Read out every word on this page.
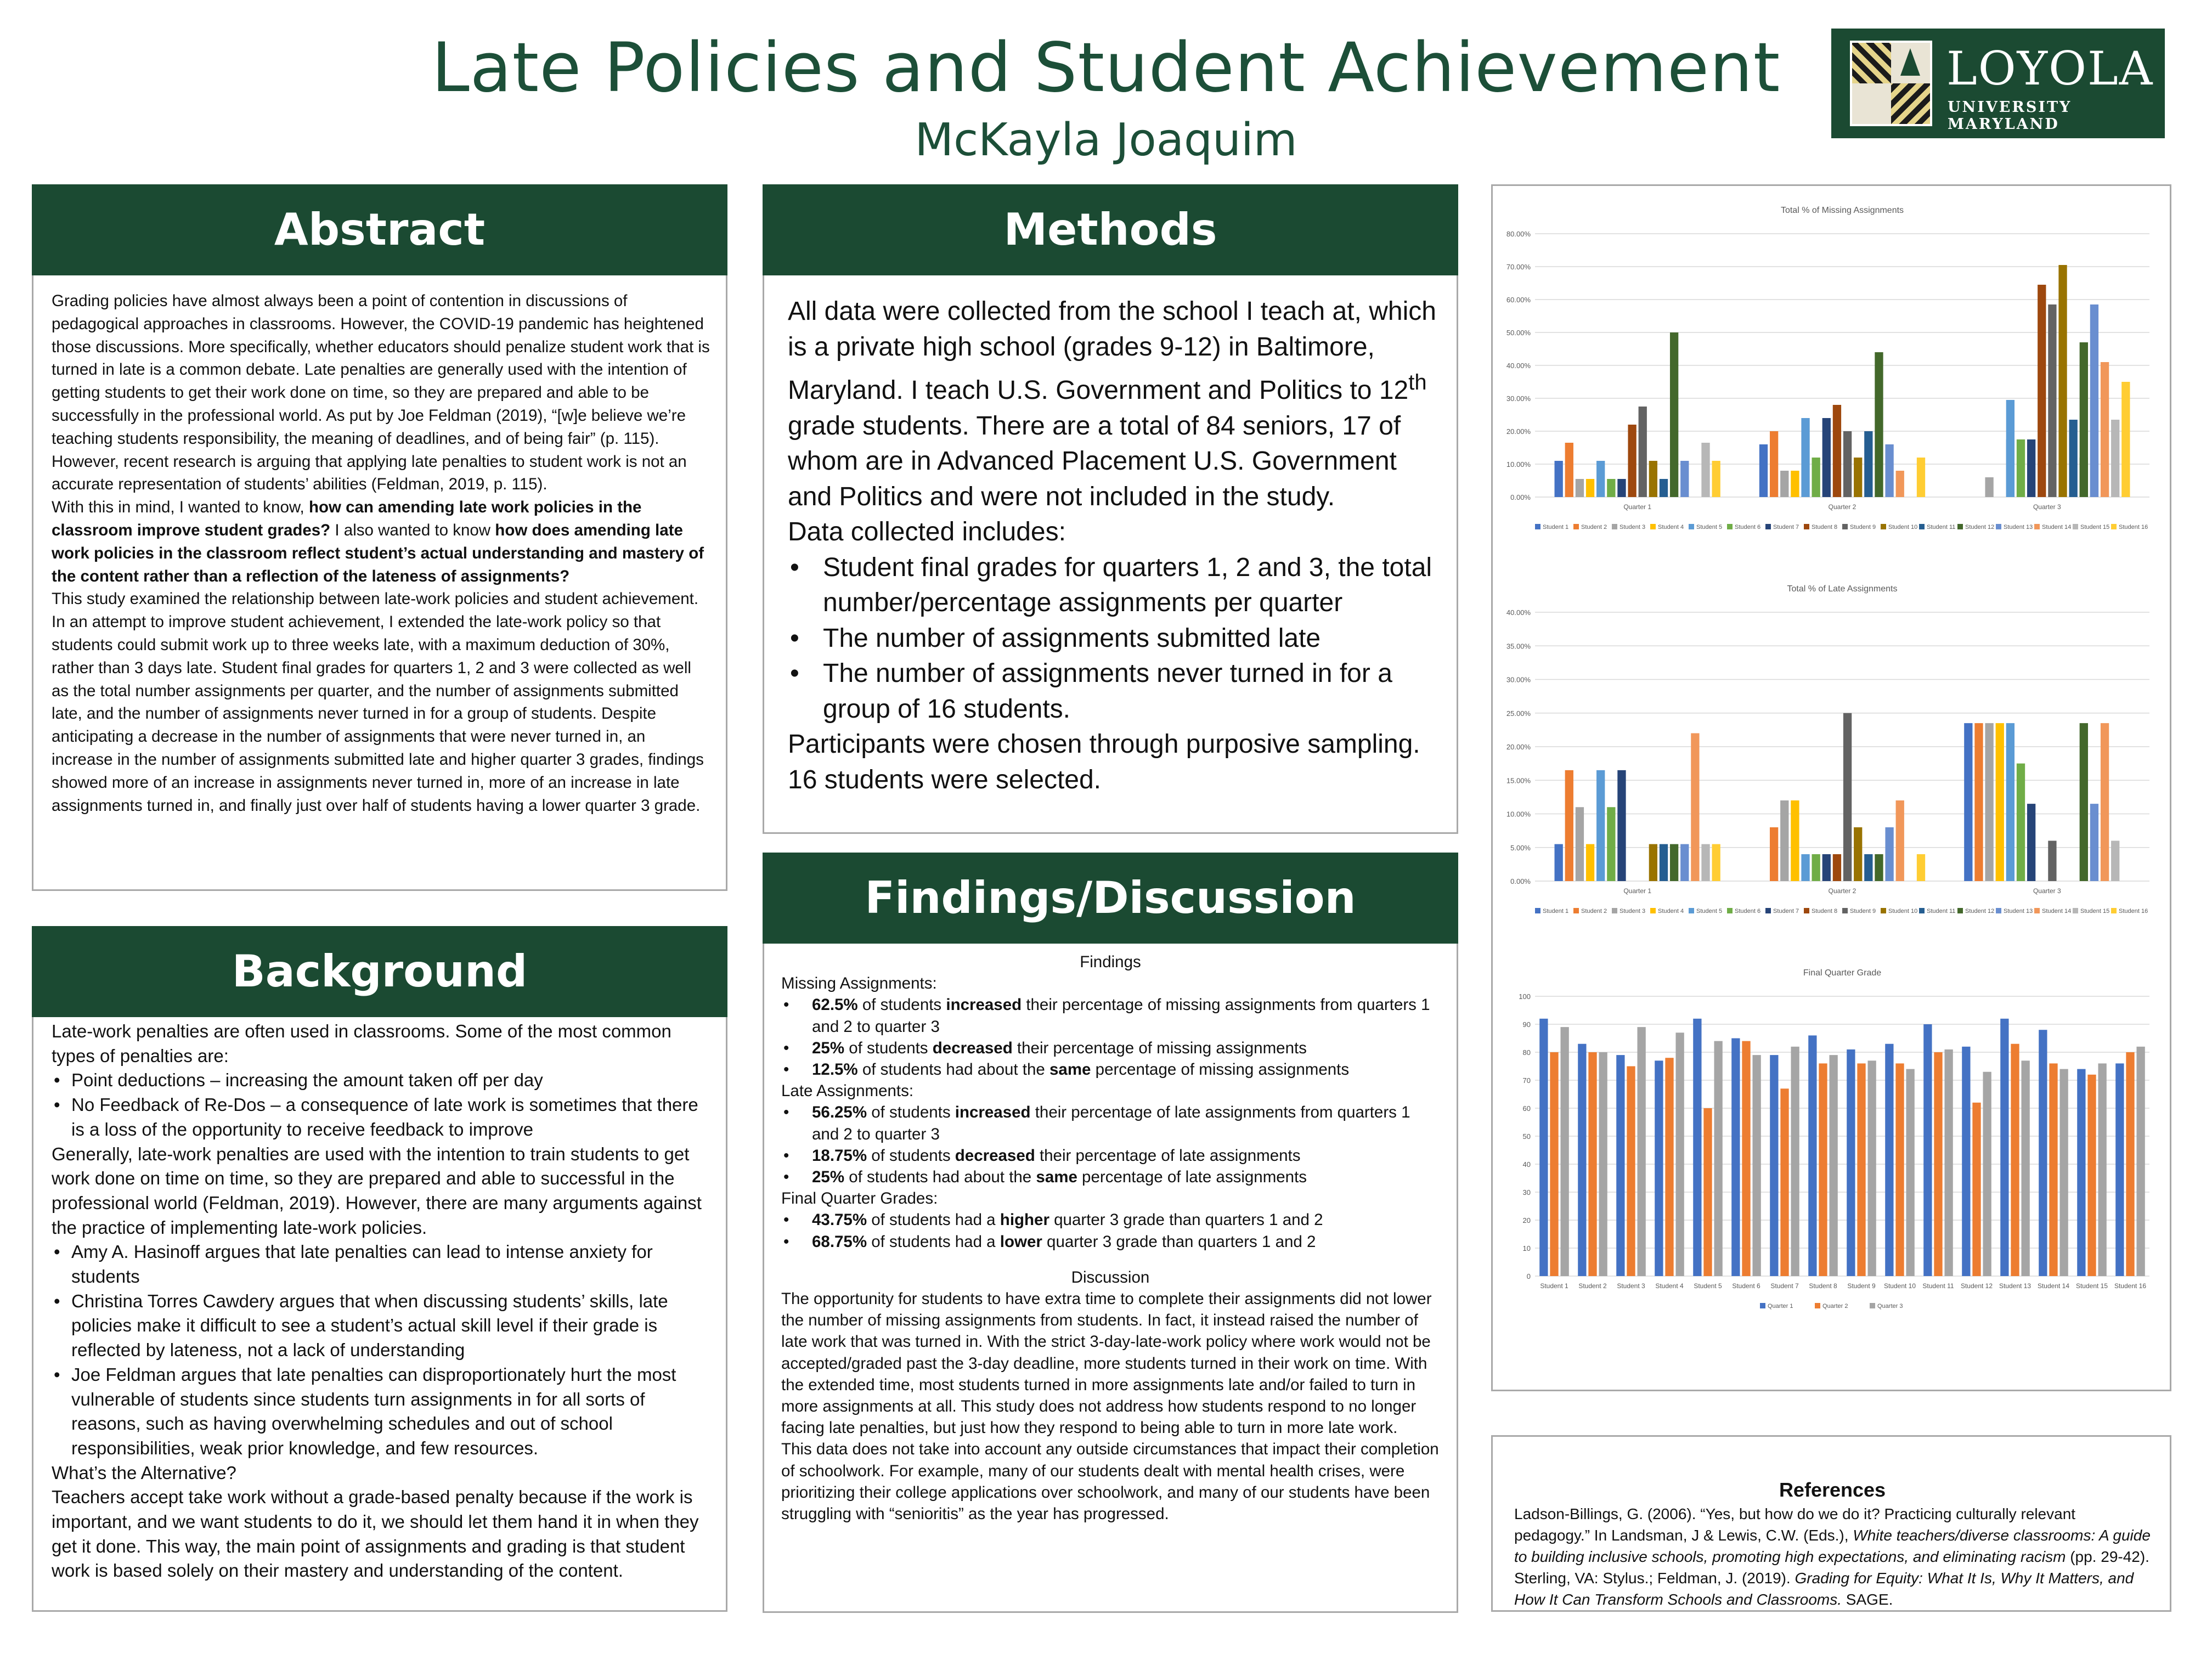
Late Policies and Student Achievement
McKayla Joaquim
LOYOLA
UNIVERSITY MARYLAND
Abstract

Grading policies have almost always been a point of contention in discussions of pedagogical approaches in classrooms. However, the COVID-19 pandemic has heightened those discussions. More specifically, whether educators should penalize student work that is turned in late is a common debate. Late penalties are generally used with the intention of getting students to get their work done on time, so they are prepared and able to be successfully in the professional world. As put by Joe Feldman (2019), “[w]e believe we’re teaching students responsibility, the meaning of deadlines, and of being fair” (p. 115). However, recent research is arguing that applying late penalties to student work is not an accurate representation of students’ abilities (Feldman, 2019, p. 115).

With this in mind, I wanted to know, how can amending late work policies in the classroom improve student grades? I also wanted to know how does amending late work policies in the classroom reflect student’s actual understanding and mastery of the content rather than a reflection of the lateness of assignments?

This study examined the relationship between late-work policies and student achievement. In an attempt to improve student achievement, I extended the late-work policy so that students could submit work up to three weeks late, with a maximum deduction of 30%, rather than 3 days late. Student final grades for quarters 1, 2 and 3 were collected as well as the total number assignments per quarter, and the number of assignments submitted late, and the number of assignments never turned in for a group of students. Despite anticipating a decrease in the number of assignments that were never turned in, an increase in the number of assignments submitted late and higher quarter 3 grades, findings showed more of an increase in assignments never turned in, more of an increase in late assignments turned in, and finally just over half of students having a lower quarter 3 grade.

Background

Late-work penalties are often used in classrooms. Some of the most common types of penalties are:

• Point deductions – increasing the amount taken off per day
• No Feedback of Re-Dos – a consequence of late work is sometimes that there is a loss of the opportunity to receive feedback to improve

Generally, late-work penalties are used with the intention to train students to get work done on time on time, so they are prepared and able to successful in the professional world (Feldman, 2019). However, there are many arguments against the practice of implementing late-work policies.

• Amy A. Hasinoff argues that late penalties can lead to intense anxiety for students
• Christina Torres Cawdery argues that when discussing students’ skills, late policies make it difficult to see a student’s actual skill level if their grade is reflected by lateness, not a lack of understanding
• Joe Feldman argues that late penalties can disproportionately hurt the most vulnerable of students since students turn assignments in for all sorts of reasons, such as having overwhelming schedules and out of school responsibilities, weak prior knowledge, and few resources.

What’s the Alternative?

Teachers accept take work without a grade-based penalty because if the work is important, and we want students to do it, we should let them hand it in when they get it done. This way, the main point of assignments and grading is that student work is based solely on their mastery and understanding of the content.

Methods

All data were collected from the school I teach at, which is a private high school (grades 9-12) in Baltimore, Maryland. I teach U.S. Government and Politics to 12th grade students. There are a total of 84 seniors, 17 of whom are in Advanced Placement U.S. Government and Politics and were not included in the study.

Data collected includes:

• Student final grades for quarters 1, 2 and 3, the total number/percentage assignments per quarter
• The number of assignments submitted late
• The number of assignments never turned in for a group of 16 students.

Participants were chosen through purposive sampling. 16 students were selected.

Findings/Discussion

Findings

Missing Assignments:

• 62.5% of students increased their percentage of missing assignments from quarters 1 and 2 to quarter 3
• 25% of students decreased their percentage of missing assignments
• 12.5% of students had about the same percentage of missing assignments

Late Assignments:

• 56.25% of students increased their percentage of late assignments from quarters 1 and 2 to quarter 3
• 18.75% of students decreased their percentage of late assignments
• 25% of students had about the same percentage of late assignments

Final Quarter Grades:

• 43.75% of students had a higher quarter 3 grade than quarters 1 and 2
• 68.75% of students had a lower quarter 3 grade than quarters 1 and 2

Discussion

The opportunity for students to have extra time to complete their assignments did not lower the number of missing assignments from students. In fact, it instead raised the number of late work that was turned in. With the strict 3-day-late-work policy where work would not be accepted/graded past the 3-day deadline, more students turned in their work on time. With the extended time, most students turned in more assignments late and/or failed to turn in more assignments at all. This study does not address how students respond to no longer facing late penalties, but just how they respond to being able to turn in more late work.

This data does not take into account any outside circumstances that impact their completion of schoolwork. For example, many of our students dealt with mental health crises, were prioritizing their college applications over schoolwork, and many of our students have been struggling with “senioritis” as the year has progressed.

Total % of Missing Assignments
0.00%
10.00%
20.00%
30.00%
40.00%
50.00%
60.00%
70.00%
80.00%
Quarter 1	Quarter 2	Quarter 3
Student 1 Student 2 Student 3 Student 4 Student 5 Student 6 Student 7 Student 8 Student 9 Student 10 Student 11 Student 12 Student 13 Student 14 Student 15 Student 16
Total % of Late Assignments
0.00%
5.00%
10.00%
15.00%
20.00%
25.00%
30.00%
35.00%
40.00%
Quarter 1	Quarter 2	Quarter 3
Student 1 Student 2 Student 3 Student 4 Student 5 Student 6 Student 7 Student 8 Student 9 Student 10 Student 11 Student 12 Student 13 Student 14 Student 15 Student 16
Final Quarter Grade
0
10
20
30
40
50
60
70
80
90
100
Student 1 Student 2 Student 3 Student 4 Student 5 Student 6 Student 7 Student 8 Student 9 Student 10 Student 11 Student 12 Student 13 Student 14 Student 15 Student 16
Quarter 1	Quarter 2	Quarter 3

References

Ladson-Billings, G. (2006). “Yes, but how do we do it? Practicing culturally relevant pedagogy.” In Landsman, J & Lewis, C.W. (Eds.), White teachers/diverse classrooms: A guide to building inclusive schools, promoting high expectations, and eliminating racism (pp. 29-42). Sterling, VA: Stylus.; Feldman, J. (2019). Grading for Equity: What It Is, Why It Matters, and How It Can Transform Schools and Classrooms. SAGE.
